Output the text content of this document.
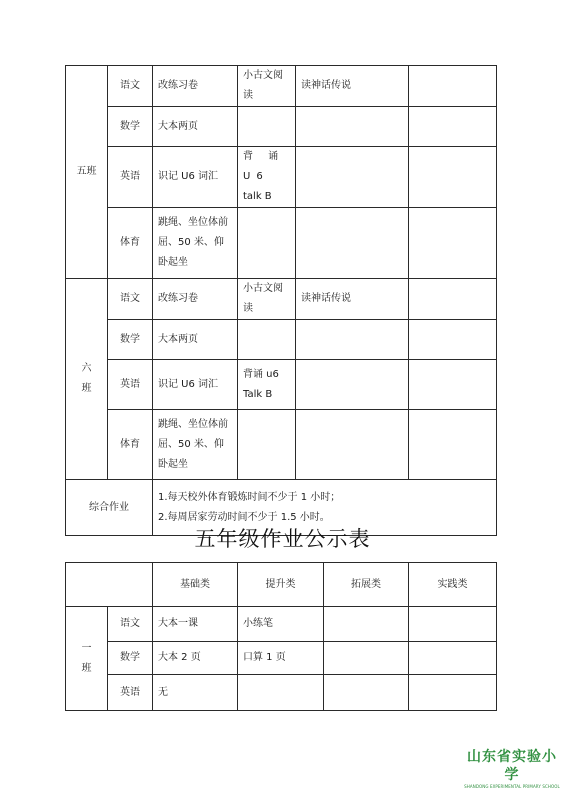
五班	语文	改练习卷	小古文阅读	读神话传说	
	数学	大本两页			
	英语	识记 U6 词汇	背 诵 U6
talk B		

	体育	跳绳、坐位体前
屈、50 米、仰
卧起坐			

六
班	语文	改练习卷	小古文阅读	读神话传说	
	数学	大本两页			
	英语	识记 U6 词汇	背诵 u6
Talk B		

	体育	跳绳、坐位体前
屈、50 米、仰
卧起坐			

综合作业		1.每天校外体育锻炼时间不少于 1 小时；
2.每周居家劳动时间不少于 1.5 小时。			
五年级作业公示表
		基础类	提升类	拓展类	实践类
一
班	语文	大本一课	小练笔		
	数学	大本 2 页	口算 1 页		
	英语	无			
山东省实验小学
SHANDONG EXPERIMENTAL PRIMARY SCHOOL
